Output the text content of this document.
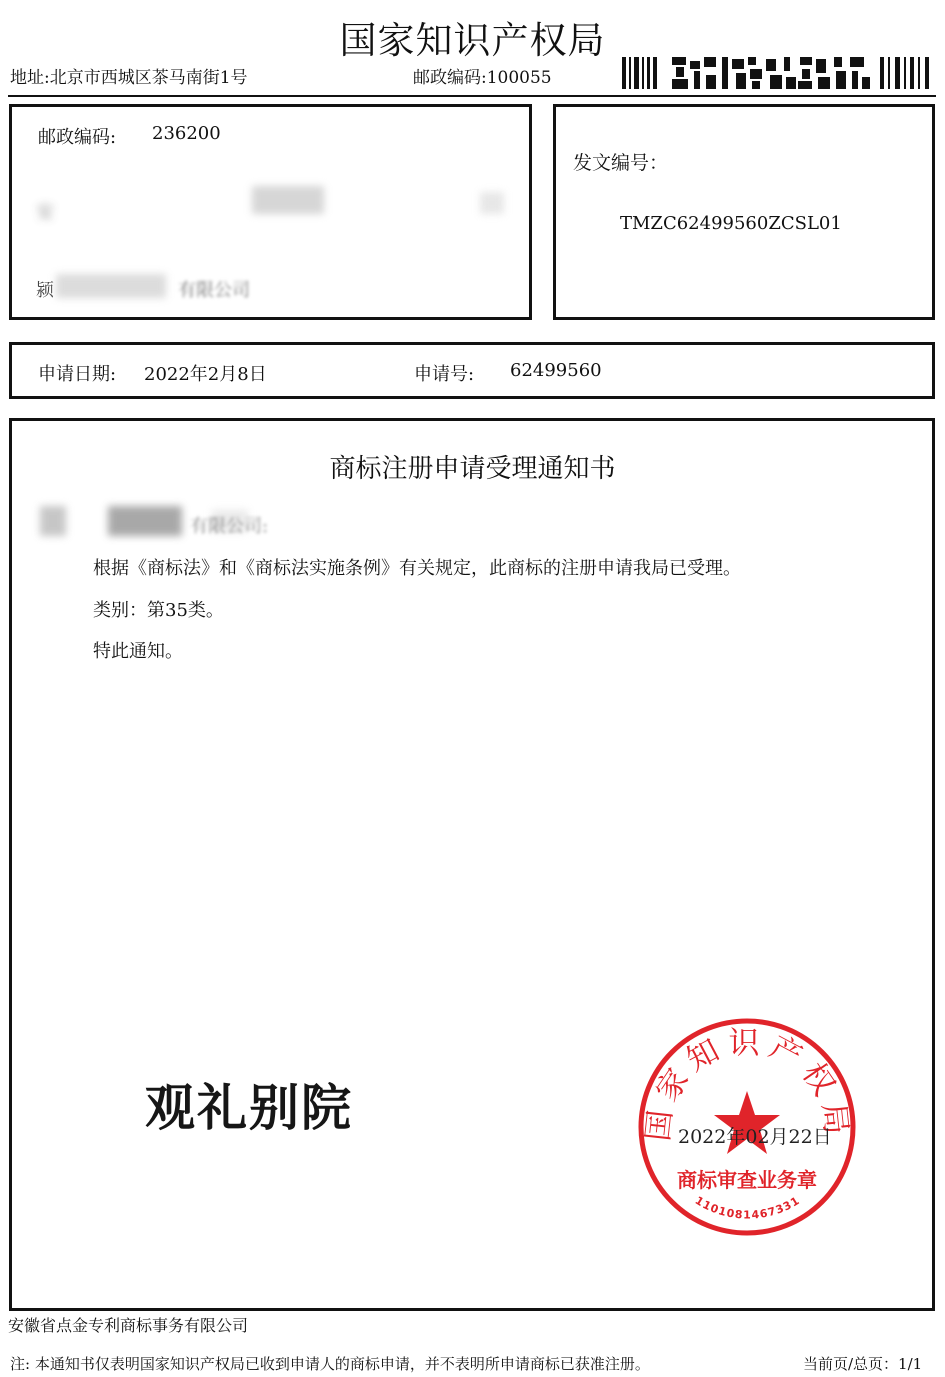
国家知识产权局
地址:北京市西城区茶马南街1号	邮政编码:100055
邮政编码: 236200
安
颍	有限公司
发文编号：
TMZC62499560ZCSL01
申请日期: 2022年2月8日	申请号: 62499560
商标注册申请受理通知书
有限公司:
根据《商标法》和《商标法实施条例》有关规定，此商标的注册申请我局已受理。
类别：第35类。
特此通知。
观礼别院	国家知识产权局
商标审查业务章
1101081467331
2022年02月22日
安徽省点金专利商标事务有限公司
注: 本通知书仅表明国家知识产权局已收到申请人的商标申请，并不表明所申请商标已获准注册。	当前页/总页：1/1
